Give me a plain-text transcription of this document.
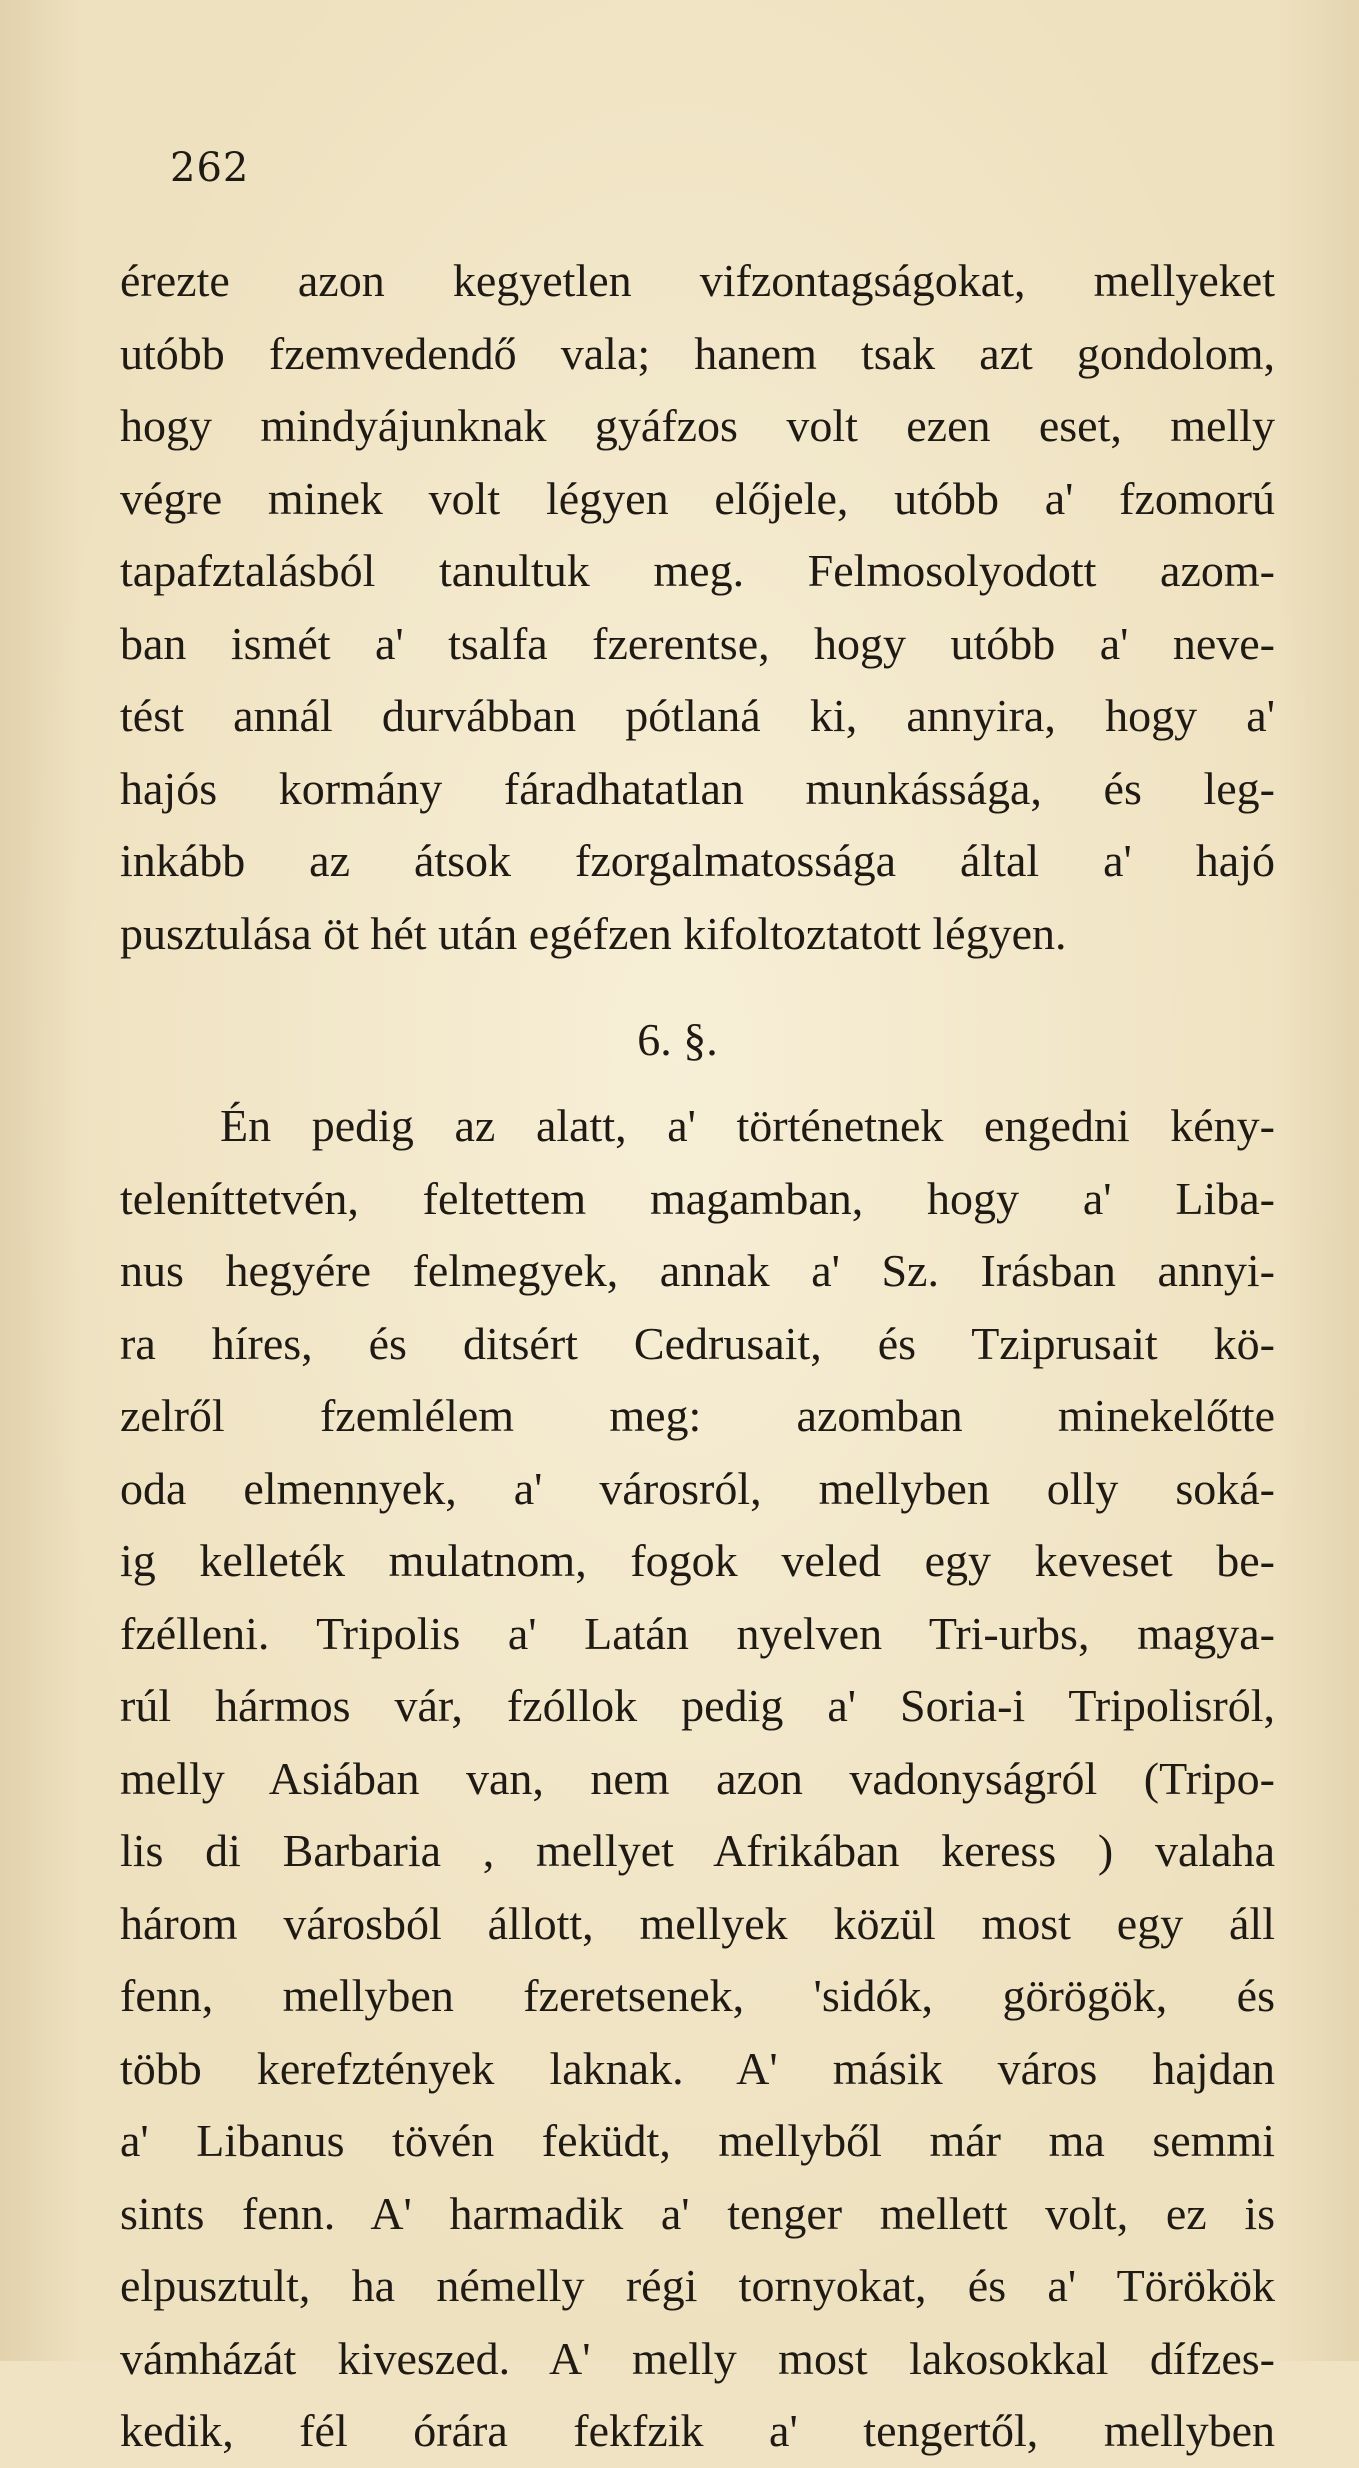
262
érezte azon kegyetlen vifzontagságokat, mellyeket
utóbb fzemvedendő vala; hanem tsak azt gondolom,
hogy mindyájunknak gyáfzos volt ezen eset, melly
végre minek volt légyen előjele, utóbb a' fzomorú
tapafztalásból tanultuk meg. Felmosolyodott azom-
ban ismét a' tsalfa fzerentse, hogy utóbb a' neve-
tést annál durvábban pótlaná ki, annyira, hogy a'
hajós kormány fáradhatatlan munkássága, és leg-
inkább az átsok fzorgalmatossága által a' hajó
pusztulása öt hét után egéfzen kifoltoztatott légyen.
6. §.
Én pedig az alatt, a' történetnek engedni kény-
teleníttetvén, feltettem magamban, hogy a' Liba-
nus hegyére felmegyek, annak a' Sz. Irásban annyi-
ra híres, és ditsért Cedrusait, és Tziprusait kö-
zelről fzemlélem meg: azomban minekelőtte
oda elmennyek, a' városról, mellyben olly soká-
ig kelleték mulatnom, fogok veled egy keveset be-
fzélleni. Tripolis a' Latán nyelven Tri-urbs, magya-
rúl hármos vár, fzóllok pedig a' Soria-i Tripolisról,
melly Asiában van, nem azon vadonyságról (Tripo-
lis di Barbaria , mellyet Afrikában keress ) valaha
három városból állott, mellyek közül most egy áll
fenn, mellyben fzeretsenek, 'sidók, görögök, és
több kerefztények laknak. A' másik város hajdan
a' Libanus tövén feküdt, mellyből már ma semmi
sints fenn. A' harmadik a' tenger mellett volt, ez is
elpusztult, ha némelly régi tornyokat, és a' Törökök
vámházát kiveszed. A' melly most lakosokkal dífzes-
kedik, fél órára fekfzik a' tengertől, mellyben
